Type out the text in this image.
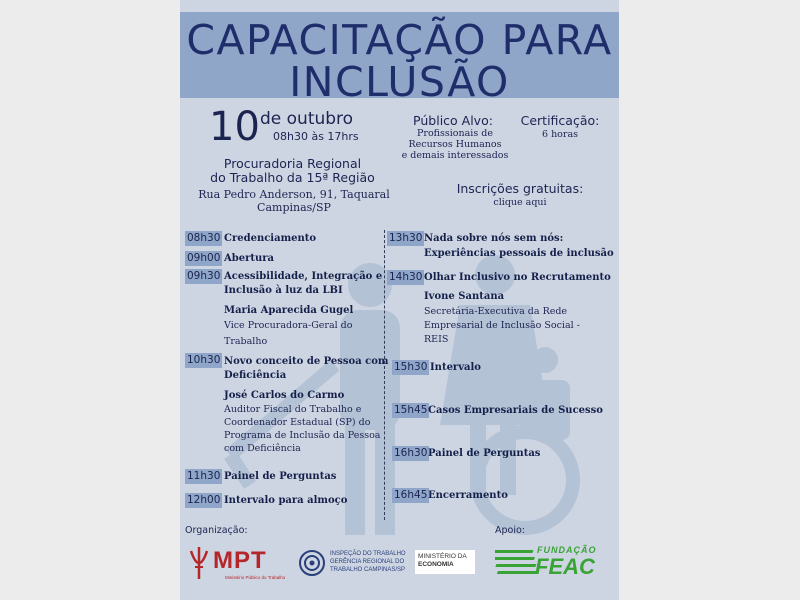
CAPACITAÇÃO PARA
INCLUSÃO
10 de outubro
08h30 às 17hrs
Procuradoria Regional
do Trabalho da 15ª Região
Rua Pedro Anderson, 91, Taquaral
Campinas/SP
Público Alvo:
Profissionais de
Recursos Humanos
e demais interessados
Certificação:
6 horas
Inscrições gratuitas:
clique aqui
08h30 Credenciamento
09h00 Abertura
09h30 Acessibilidade, Integração e
Inclusão à luz da LBI
Maria Aparecida Gugel
Vice Procuradora-Geral do
Trabalho
10h30 Novo conceito de Pessoa com
Deficiência
José Carlos do Carmo
Auditor Fiscal do Trabalho e
Coordenador Estadual (SP) do
Programa de Inclusão da Pessoa
com Deficiência
11h30 Painel de Perguntas
12h00 Intervalo para almoço
13h30 Nada sobre nós sem nós:
Experiências pessoais de inclusão
14h30 Olhar Inclusivo no Recrutamento
Ivone Santana
Secretária-Executiva da Rede
Empresarial de Inclusão Social -
REIS
15h30 Intervalo
15h45 Casos Empresariais de Sucesso
16h30 Painel de Perguntas
16h45 Encerramento
Organização:	Apoio:
MPT
Ministério Público do Trabalho
INSPEÇÃO DO TRABALHO
GERÊNCIA REGIONAL DO
TRABALHO CAMPINAS/SP
MINISTÉRIO DA
ECONOMIA
FUNDAÇÃO
FEAC
